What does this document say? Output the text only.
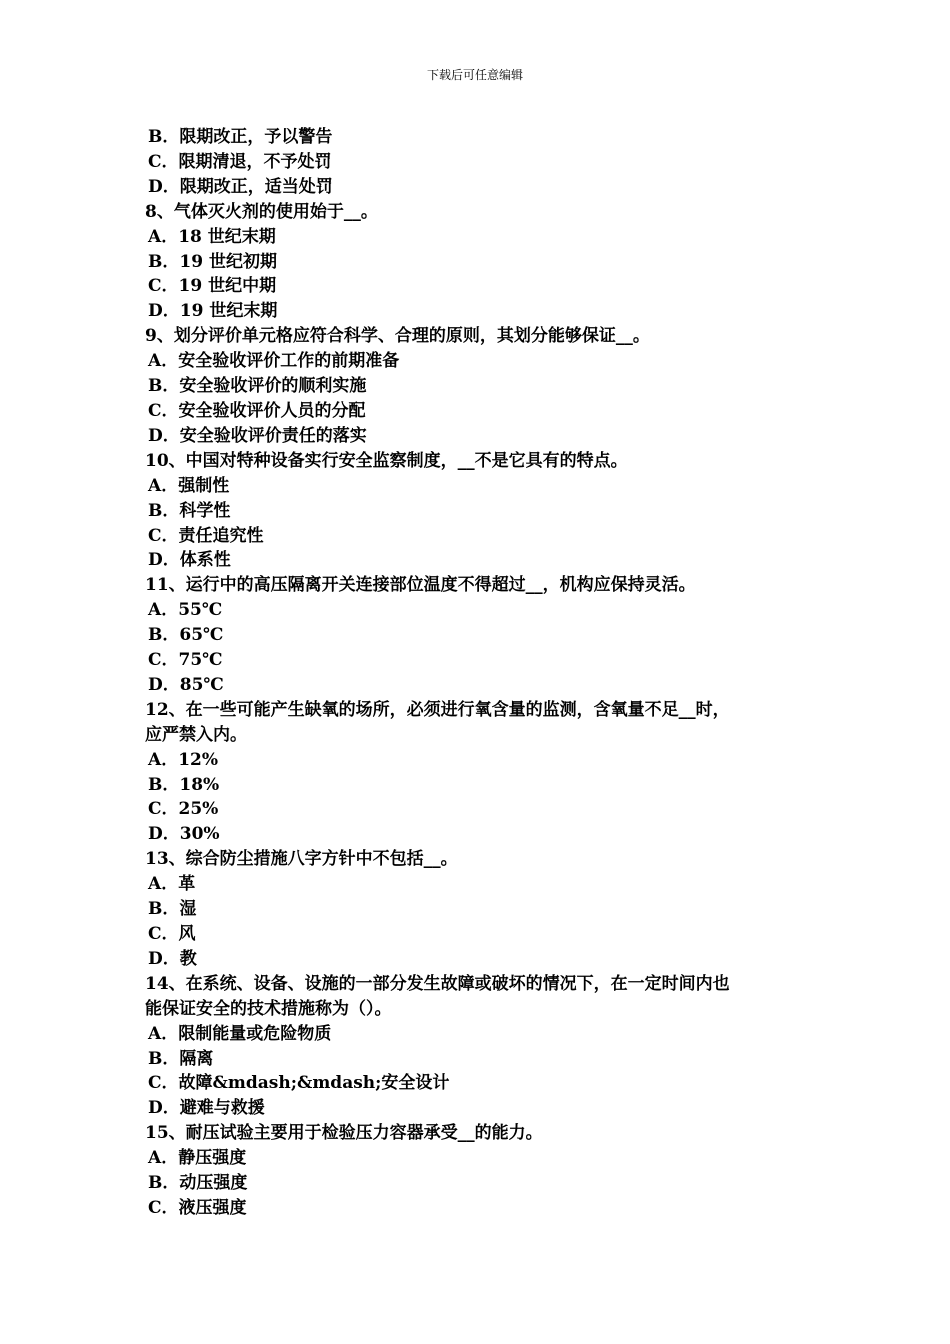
下载后可任意编辑
B．限期改正，予以警告
C．限期清退，不予处罚
D．限期改正，适当处罚
8、气体灭火剂的使用始于__。
A．18 世纪末期
B．19 世纪初期
C．19 世纪中期
D．19 世纪末期
9、划分评价单元格应符合科学、合理的原则，其划分能够保证__。
A．安全验收评价工作的前期准备
B．安全验收评价的顺利实施
C．安全验收评价人员的分配
D．安全验收评价责任的落实
10、中国对特种设备实行安全监察制度，__不是它具有的特点。
A．强制性
B．科学性
C．责任追究性
D．体系性
11、运行中的高压隔离开关连接部位温度不得超过__，机构应保持灵活。
A．55℃
B．65℃
C．75℃
D．85℃
12、在一些可能产生缺氧的场所，必须进行氧含量的监测，含氧量不足__时，
应严禁入内。
A．12%
B．18%
C．25%
D．30%
13、综合防尘措施八字方针中不包括__。
A．革
B．湿
C．风
D．教
14、在系统、设备、设施的一部分发生故障或破坏的情况下，在一定时间内也
能保证安全的技术措施称为（）。
A．限制能量或危险物质
B．隔离
C．故障&mdash;&mdash;安全设计
D．避难与救援
15、耐压试验主要用于检验压力容器承受__的能力。
A．静压强度
B．动压强度
C．液压强度
